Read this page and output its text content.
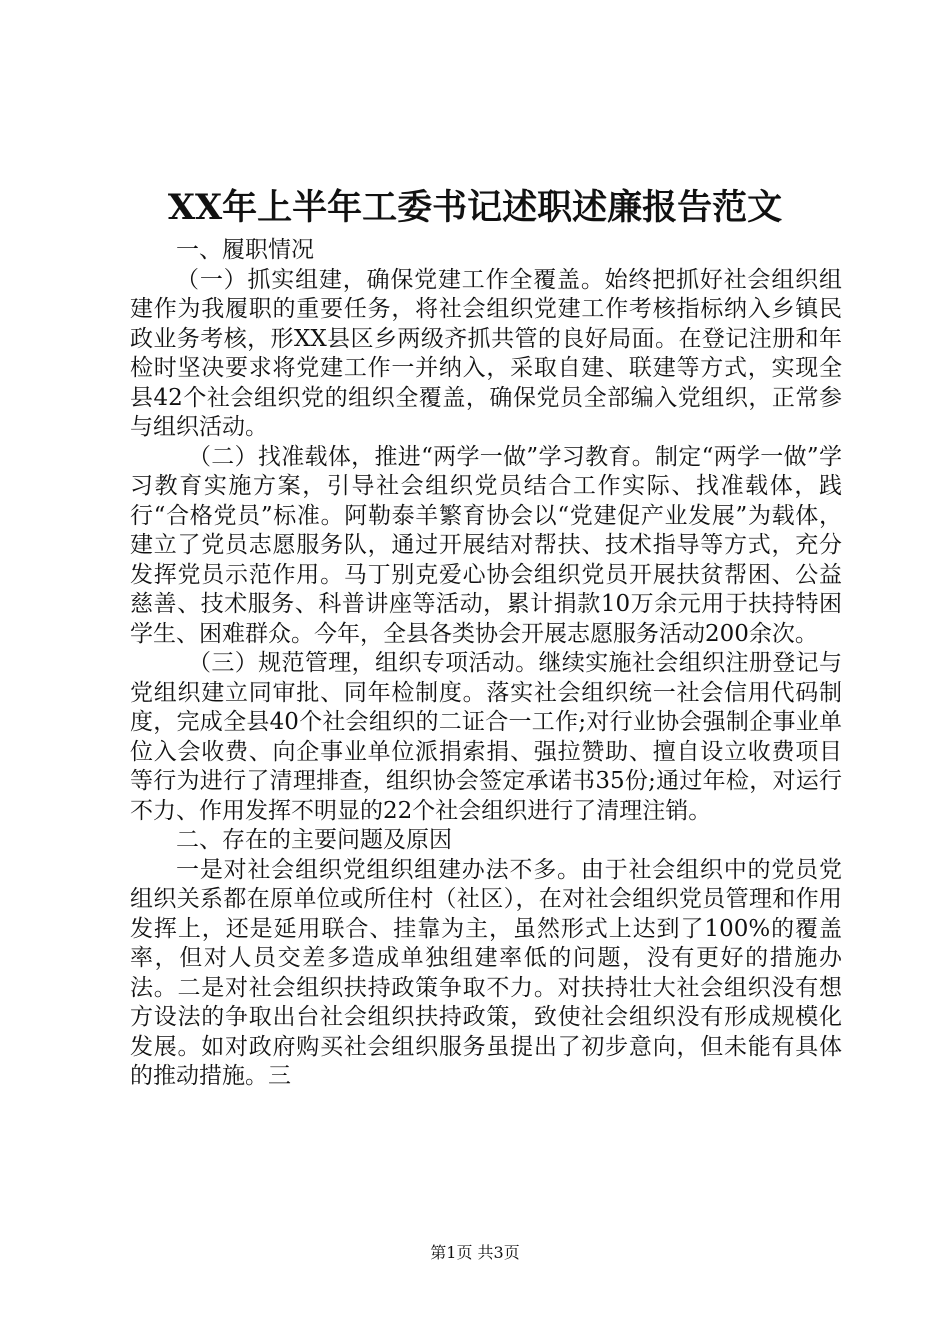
XX年上半年工委书记述职述廉报告范文

一、履职情况

（一）抓实组建，确保党建工作全覆盖。始终把抓好社会组织组建作为我履职的重要任务，将社会组织党建工作考核指标纳入乡镇民政业务考核，形XX县区乡两级齐抓共管的良好局面。在登记注册和年检时坚决要求将党建工作一并纳入，采取自建、联建等方式，实现全县42个社会组织党的组织全覆盖，确保党员全部编入党组织，正常参与组织活动。

（二）找准载体，推进“两学一做”学习教育。制定“两学一做”学习教育实施方案，引导社会组织党员结合工作实际、找准载体，践行“合格党员”标准。阿勒泰羊繁育协会以“党建促产业发展”为载体，建立了党员志愿服务队，通过开展结对帮扶、技术指导等方式，充分发挥党员示范作用。马丁别克爱心协会组织党员开展扶贫帮困、公益慈善、技术服务、科普讲座等活动，累计捐款10万余元用于扶持特困学生、困难群众。今年，全县各类协会开展志愿服务活动200余次。

（三）规范管理，组织专项活动。继续实施社会组织注册登记与党组织建立同审批、同年检制度。落实社会组织统一社会信用代码制度，完成全县40个社会组织的二证合一工作;对行业协会强制企事业单位入会收费、向企事业单位派捐索捐、强拉赞助、擅自设立收费项目等行为进行了清理排查，组织协会签定承诺书35份;通过年检，对运行不力、作用发挥不明显的22个社会组织进行了清理注销。

二、存在的主要问题及原因

一是对社会组织党组织组建办法不多。由于社会组织中的党员党组织关系都在原单位或所住村（社区），在对社会组织党员管理和作用发挥上，还是延用联合、挂靠为主，虽然形式上达到了100%的覆盖率，但对人员交差多造成单独组建率低的问题，没有更好的措施办法。二是对社会组织扶持政策争取不力。对扶持壮大社会组织没有想方设法的争取出台社会组织扶持政策，致使社会组织没有形成规模化发展。如对政府购买社会组织服务虽提出了初步意向，但未能有具体的推动措施。三

第1页 共3页
